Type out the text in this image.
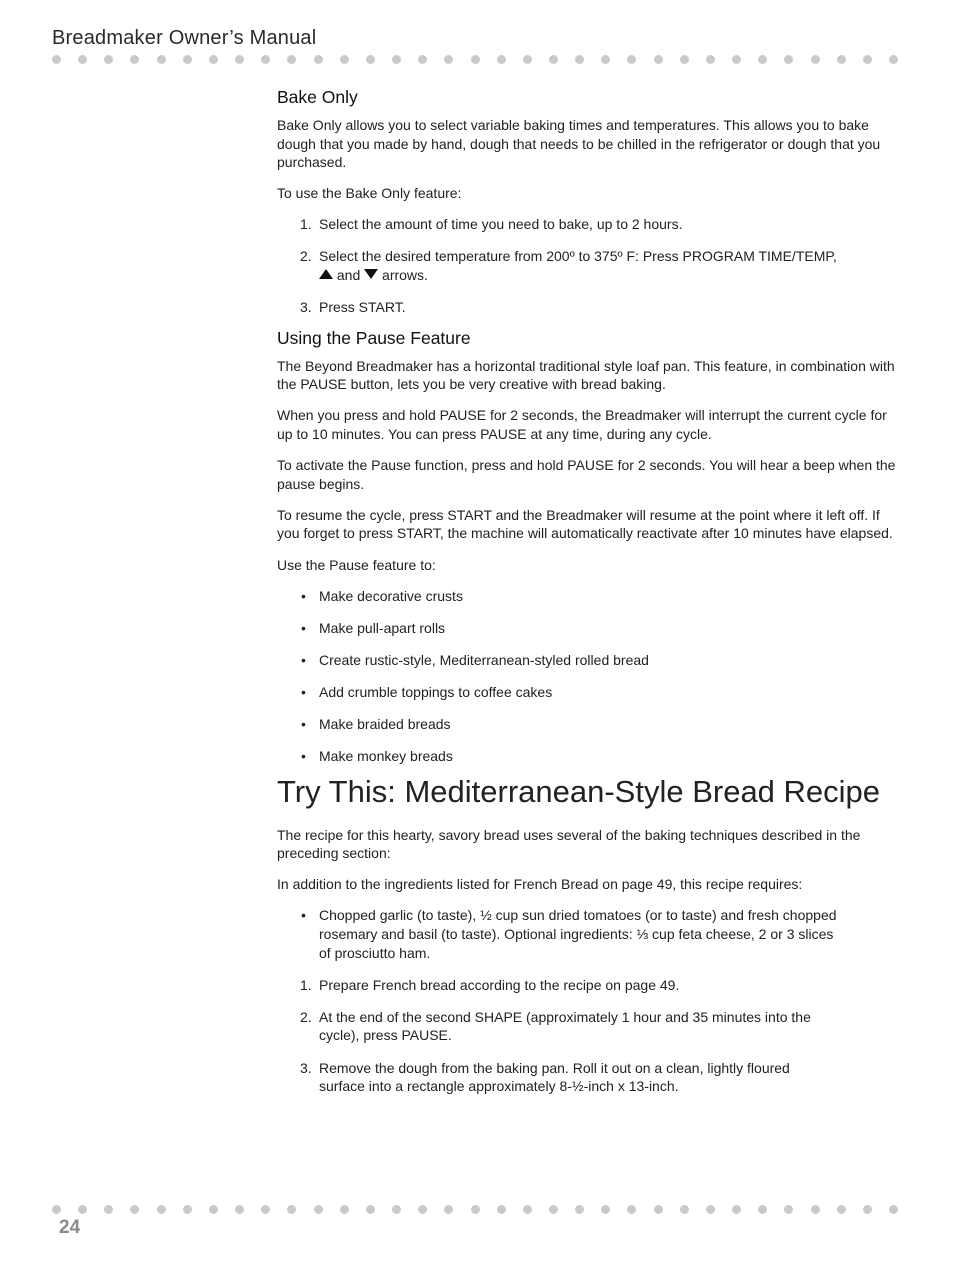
Breadmaker Owner’s Manual
Bake Only

Bake Only allows you to select variable baking times and temperatures. This allows you to bake dough that you made by hand, dough that needs to be chilled in the refrigerator or dough that you purchased.

To use the Bake Only feature:

1. Select the amount of time you need to bake, up to 2 hours.
2. Select the desired temperature from 200º to 375º F: Press PROGRAM TIME/TEMP,
and arrows.
3. Press START.
Using the Pause Feature

The Beyond Breadmaker has a horizontal traditional style loaf pan. This feature, in combination with the PAUSE button, lets you be very creative with bread baking.

When you press and hold PAUSE for 2 seconds, the Breadmaker will interrupt the current cycle for up to 10 minutes. You can press PAUSE at any time, during any cycle.

To activate the Pause function, press and hold PAUSE for 2 seconds. You will hear a beep when the pause begins.

To resume the cycle, press START and the Breadmaker will resume at the point where it left off. If you forget to press START, the machine will automatically reactivate after 10 minutes have elapsed.

Use the Pause feature to:

• Make decorative crusts
• Make pull-apart rolls
• Create rustic-style, Mediterranean-styled rolled bread
• Add crumble toppings to coffee cakes
• Make braided breads
• Make monkey breads
Try This: Mediterranean-Style Bread Recipe

The recipe for this hearty, savory bread uses several of the baking techniques described in the preceding section:

In addition to the ingredients listed for French Bread on page 49, this recipe requires:

• Chopped garlic (to taste), ½ cup sun dried tomatoes (or to taste) and fresh chopped rosemary and basil (to taste). Optional ingredients: ⅓ cup feta cheese, 2 or 3 slices of prosciutto ham.
1. Prepare French bread according to the recipe on page 49.
2. At the end of the second SHAPE (approximately 1 hour and 35 minutes into the cycle), press PAUSE.
3. Remove the dough from the baking pan. Roll it out on a clean, lightly floured surface into a rectangle approximately 8-½-inch x 13-inch.
24
